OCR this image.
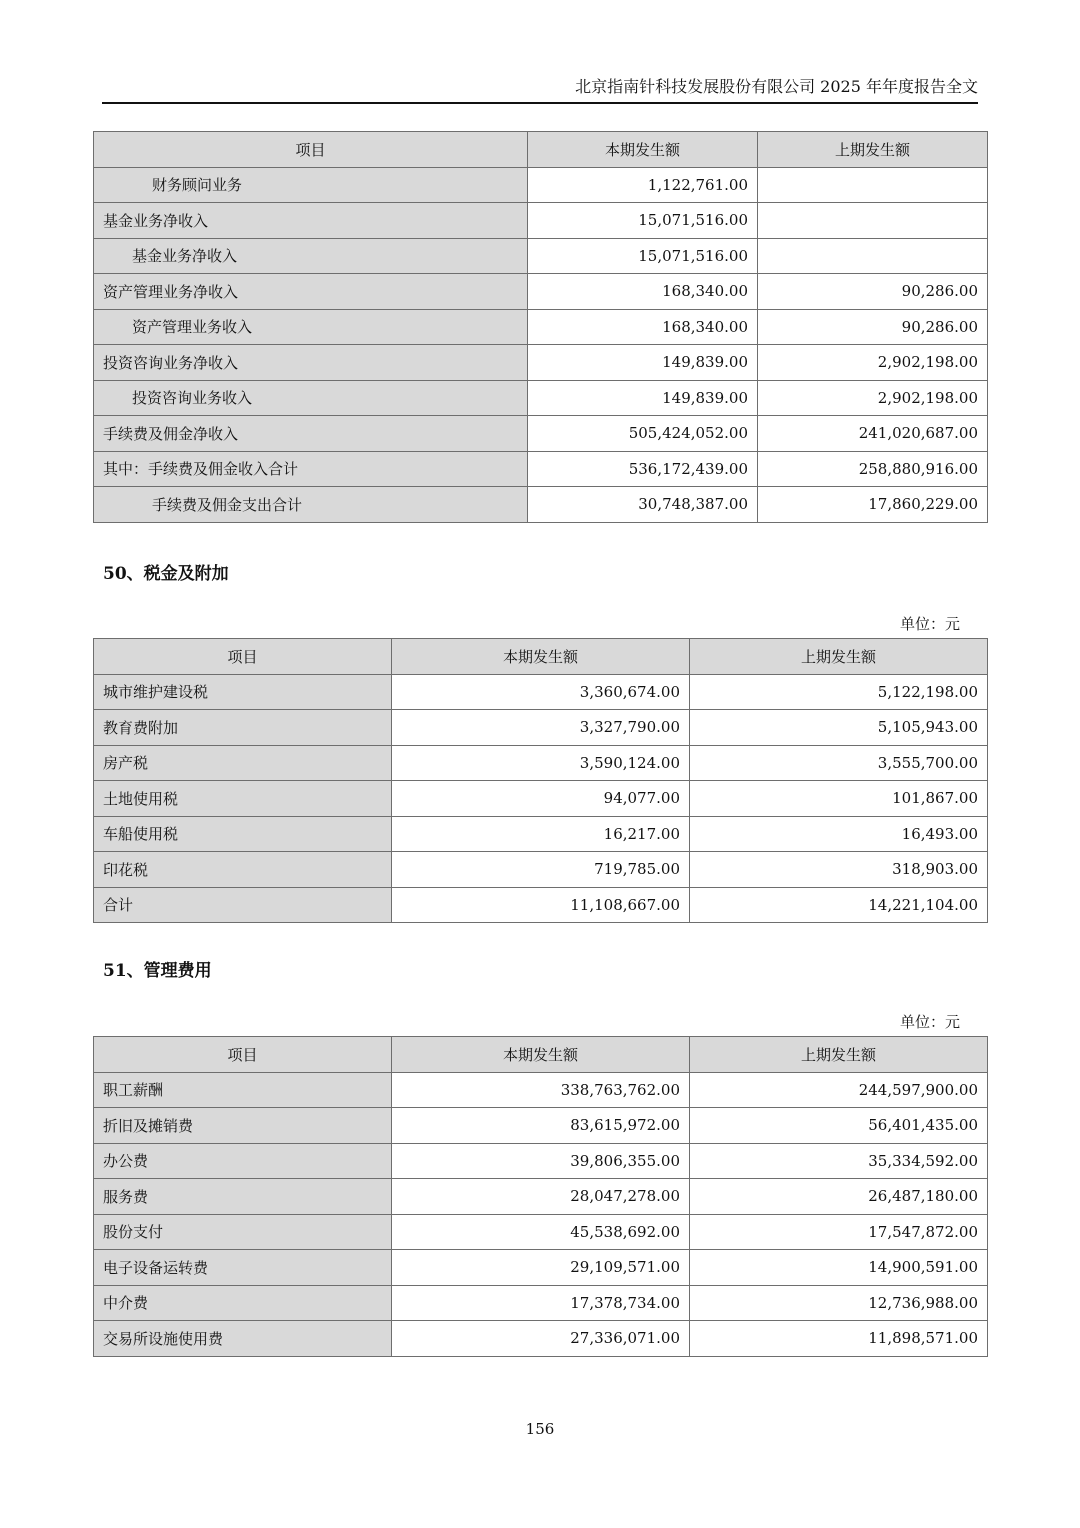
北京指南针科技发展股份有限公司 2025 年年度报告全文
项目	本期发生额	上期发生额
财务顾问业务	1,122,761.00	
基金业务净收入	15,071,516.00	
基金业务净收入	15,071,516.00	
资产管理业务净收入	168,340.00	90,286.00
资产管理业务收入	168,340.00	90,286.00
投资咨询业务净收入	149,839.00	2,902,198.00
投资咨询业务收入	149,839.00	2,902,198.00
手续费及佣金净收入	505,424,052.00	241,020,687.00
其中：手续费及佣金收入合计	536,172,439.00	258,880,916.00
手续费及佣金支出合计	30,748,387.00	17,860,229.00
50、税金及附加
单位：元
项目	本期发生额	上期发生额
城市维护建设税	3,360,674.00	5,122,198.00
教育费附加	3,327,790.00	5,105,943.00
房产税	3,590,124.00	3,555,700.00
土地使用税	94,077.00	101,867.00
车船使用税	16,217.00	16,493.00
印花税	719,785.00	318,903.00
合计	11,108,667.00	14,221,104.00
51、管理费用
单位：元
项目	本期发生额	上期发生额
职工薪酬	338,763,762.00	244,597,900.00
折旧及摊销费	83,615,972.00	56,401,435.00
办公费	39,806,355.00	35,334,592.00
服务费	28,047,278.00	26,487,180.00
股份支付	45,538,692.00	17,547,872.00
电子设备运转费	29,109,571.00	14,900,591.00
中介费	17,378,734.00	12,736,988.00
交易所设施使用费	27,336,071.00	11,898,571.00
156
